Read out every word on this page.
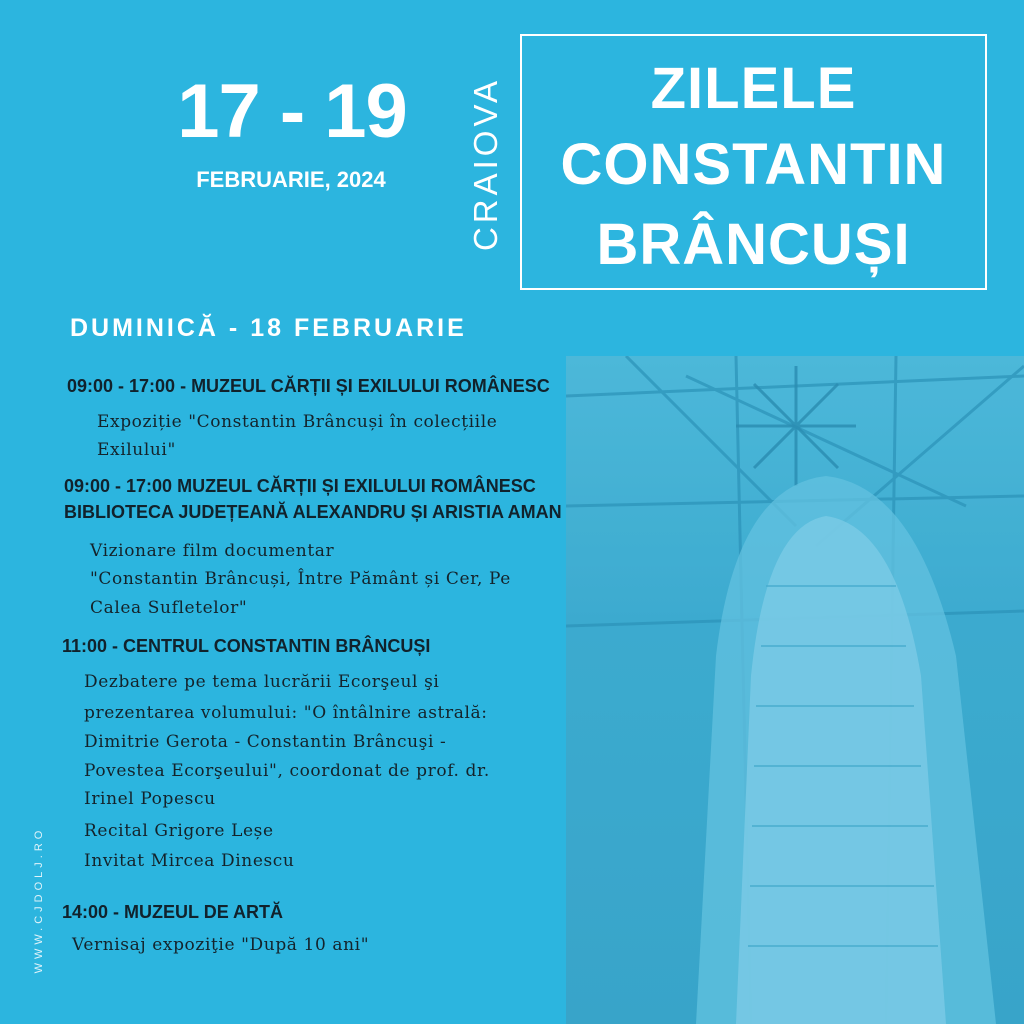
17 - 19
FEBRUARIE, 2024	CRAIOVA	ZILELE
CONSTANTIN
BRÂNCUȘI
DUMINICĂ - 18 FEBRUARIE
09:00 - 17:00 - MUZEUL CĂRȚII ȘI EXILULUI ROMÂNESC
Expoziție "Constantin Brâncuși în colecțiile
Exilului"
09:00 - 17:00 MUZEUL CĂRȚII ȘI EXILULUI ROMÂNESC
BIBLIOTECA JUDEȚEANĂ ALEXANDRU ȘI ARISTIA AMAN
Vizionare film documentar
"Constantin Brâncuși, Între Pământ și Cer, Pe
Calea Sufletelor"
11:00 - CENTRUL CONSTANTIN BRÂNCUȘI
Dezbatere pe tema lucrării Ecorşeul şi
prezentarea volumului: "O întâlnire astrală:
Dimitrie Gerota - Constantin Brâncuşi -
Povestea Ecorşeului", coordonat de prof. dr.
Irinel Popescu
Recital Grigore Leșe
Invitat Mircea Dinescu
14:00 - MUZEUL DE ARTĂ
Vernisaj expoziţie "După 10 ani"
WWW.CJDOLJ.RO
